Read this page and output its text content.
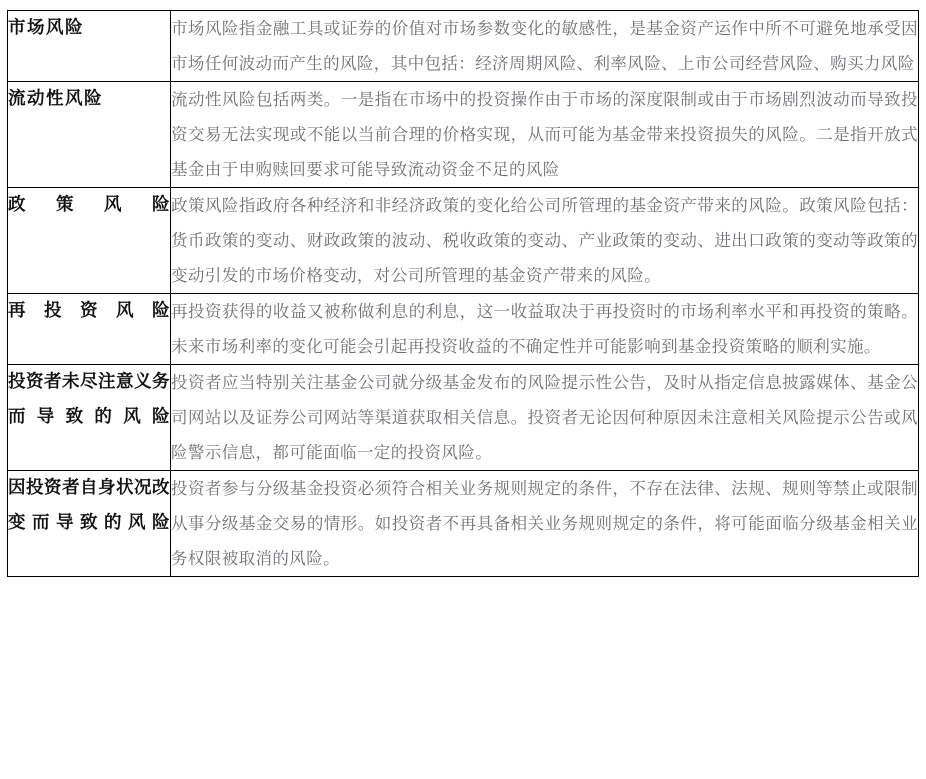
市场风险	市场风险指金融工具或证券的价值对市场参数变化的敏感性，是基金资产运作中所不可避免地承受因市场任何波动而产生的风险，其中包括：经济周期风险、利率风险、上市公司经营风险、购买力风险

流动性风险	流动性风险包括两类。一是指在市场中的投资操作由于市场的深度限制或由于市场剧烈波动而导致投资交易无法实现或不能以当前合理的价格实现，从而可能为基金带来投资损失的风险。二是指开放式基金由于申购赎回要求可能导致流动资金不足的风险

政策风险	政策风险指政府各种经济和非经济政策的变化给公司所管理的基金资产带来的风险。政策风险包括：货币政策的变动、财政政策的波动、税收政策的变动、产业政策的变动、进出口政策的变动等政策的变动引发的市场价格变动，对公司所管理的基金资产带来的风险。

再投资风险	再投资获得的收益又被称做利息的利息，这一收益取决于再投资时的市场利率水平和再投资的策略。未来市场利率的变化可能会引起再投资收益的不确定性并可能影响到基金投资策略的顺利实施。

投资者未尽注意义务而导致的风险	投资者应当特别关注基金公司就分级基金发布的风险提示性公告，及时从指定信息披露媒体、基金公司网站以及证券公司网站等渠道获取相关信息。投资者无论因何种原因未注意相关风险提示公告或风险警示信息，都可能面临一定的投资风险。

因投资者自身状况改变而导致的风险	投资者参与分级基金投资必须符合相关业务规则规定的条件，不存在法律、法规、规则等禁止或限制从事分级基金交易的情形。如投资者不再具备相关业务规则规定的条件，将可能面临分级基金相关业务权限被取消的风险。
